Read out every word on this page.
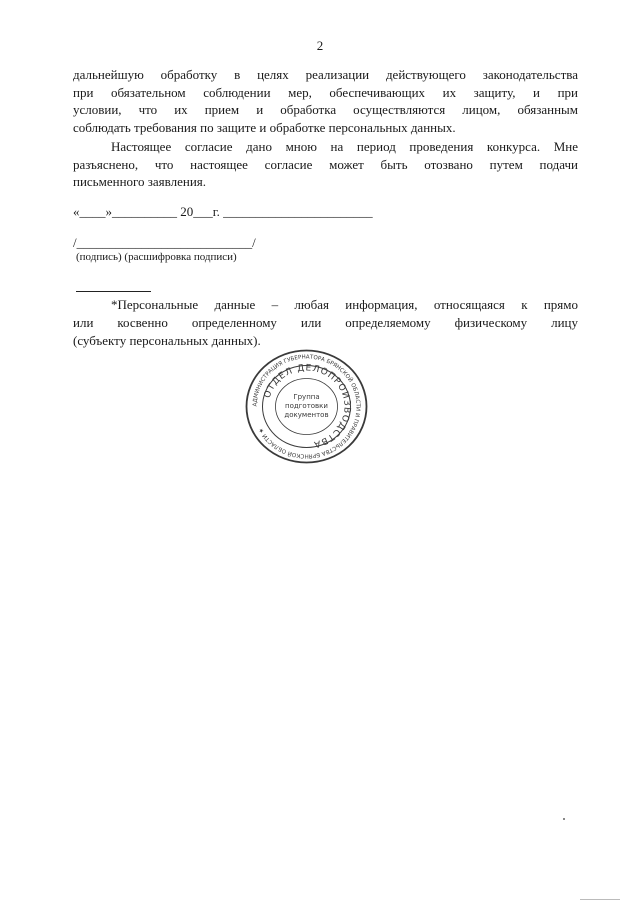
2
дальнейшую обработку в целях реализации действующего законодательства
при обязательном соблюдении мер, обеспечивающих их защиту, и при
условии, что их прием и обработка осуществляются лицом, обязанным
соблюдать требования по защите и обработке персональных данных.
Настоящее согласие дано мною на период проведения конкурса. Мне
разъяснено, что настоящее согласие может быть отозвано путем подачи
письменного заявления.
«____»__________ 20___г. _______________________
/___________________________/
(подпись) (расшифровка подписи)
*Персональные данные – любая информация, относящаяся к прямо
или косвенно определенному или определяемому физическому лицу
(субъекту персональных данных).
АДМИНИСТРАЦИЯ ГУБЕРНАТОРА БРЯНСКОЙ ОБЛАСТИ И ПРАВИТЕЛЬСТВА БРЯНСКОЙ ОБЛАСТИ ★
ОТДЕЛ ДЕЛОПРОИЗВОДСТВА
Группа
подготовки
документов
